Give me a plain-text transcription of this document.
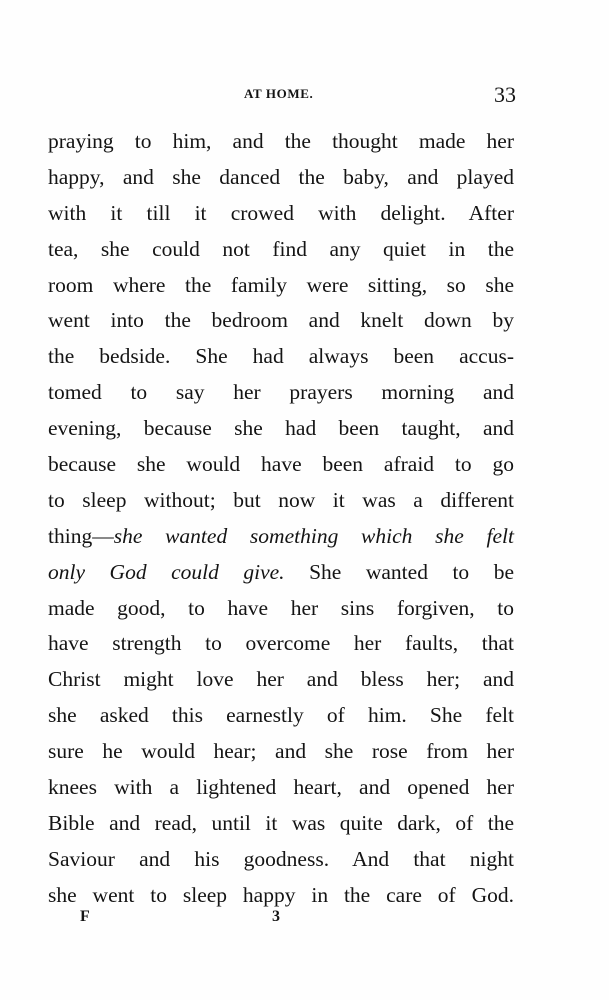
AT HOME.	33
praying to him, and the thought made her
happy, and she danced the baby, and played
with it till it crowed with delight. After
tea, she could not find any quiet in the
room where the family were sitting, so she
went into the bedroom and knelt down by
the bedside. She had always been accus-
tomed to say her prayers morning and
evening, because she had been taught, and
because she would have been afraid to go
to sleep without; but now it was a different
thing—she wanted something which she felt
only God could give. She wanted to be
made good, to have her sins forgiven, to
have strength to overcome her faults, that
Christ might love her and bless her; and
she asked this earnestly of him. She felt
sure he would hear; and she rose from her
knees with a lightened heart, and opened her
Bible and read, until it was quite dark, of the
Saviour and his goodness. And that night
she went to sleep happy in the care of God.
F	3
